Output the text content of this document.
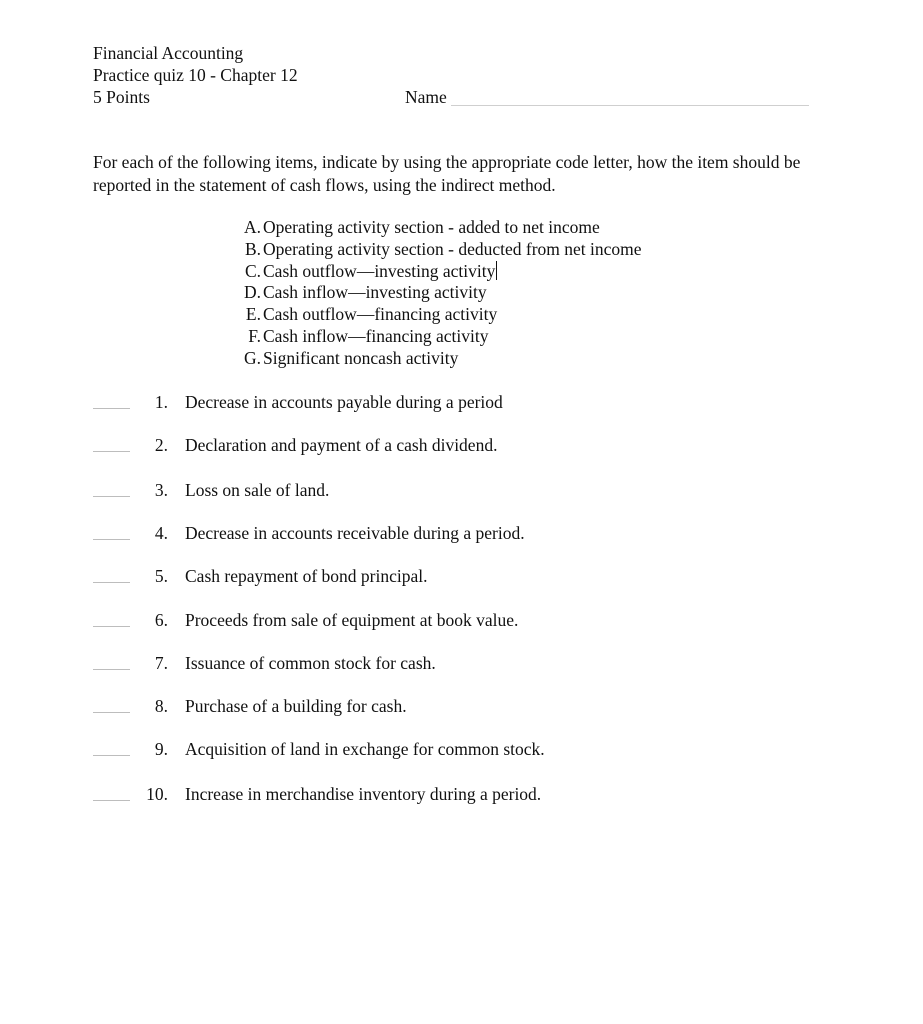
Financial Accounting
Practice quiz 10 - Chapter 12
5 Points	Name
For each of the following items, indicate by using the appropriate code letter, how the item should be reported in the statement of cash flows, using the indirect method.
A. Operating activity section - added to net income
B. Operating activity section - deducted from net income
C. Cash outflow—investing activity
D. Cash inflow—investing activity
E. Cash outflow—financing activity
F. Cash inflow—financing activity
G. Significant noncash activity
1. Decrease in accounts payable during a period
2. Declaration and payment of a cash dividend.
3. Loss on sale of land.
4. Decrease in accounts receivable during a period.
5. Cash repayment of bond principal.
6. Proceeds from sale of equipment at book value.
7. Issuance of common stock for cash.
8. Purchase of a building for cash.
9. Acquisition of land in exchange for common stock.
10. Increase in merchandise inventory during a period.
